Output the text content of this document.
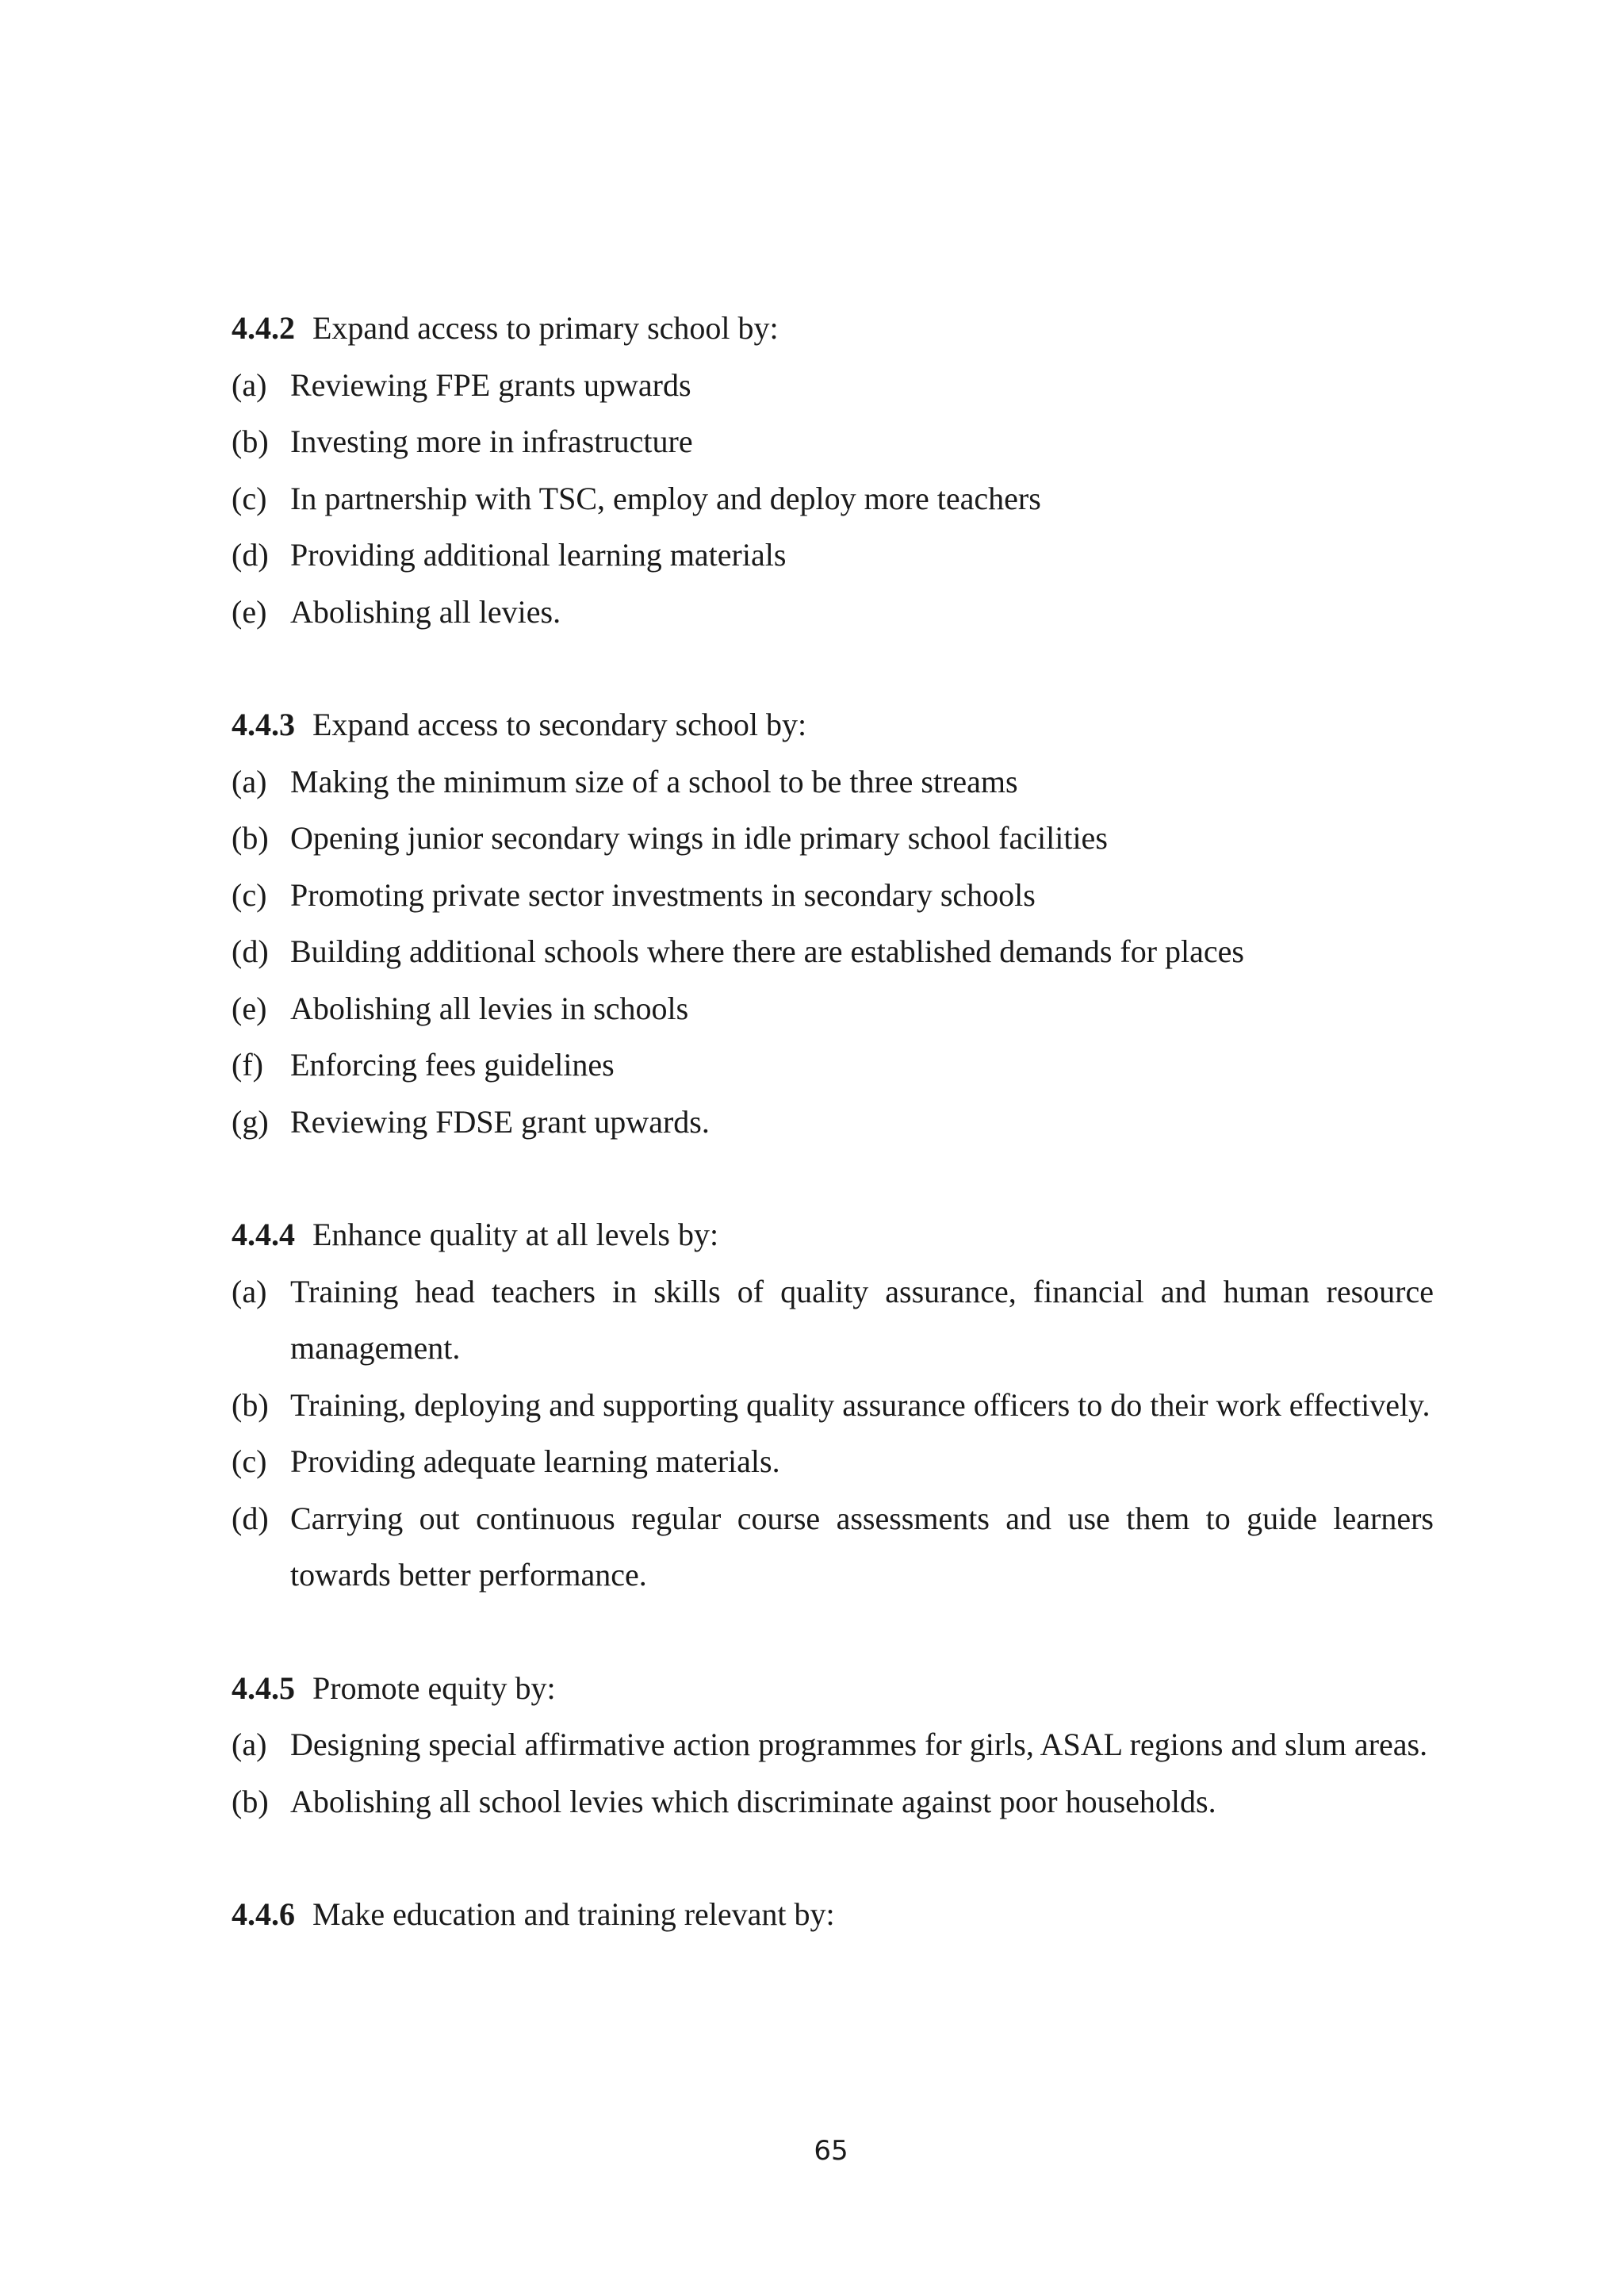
4.4.2 Expand access to primary school by:
(a) Reviewing FPE grants upwards
(b) Investing more in infrastructure
(c) In partnership with TSC, employ and deploy more teachers
(d) Providing additional learning materials
(e) Abolishing all levies.
4.4.3 Expand access to secondary school by:
(a) Making the minimum size of a school to be three streams
(b) Opening junior secondary wings in idle primary school facilities
(c) Promoting private sector investments in secondary schools
(d) Building additional schools where there are established demands for places
(e) Abolishing all levies in schools
(f) Enforcing fees guidelines
(g) Reviewing FDSE grant upwards.
4.4.4 Enhance quality at all levels by:
(a) Training head teachers in skills of quality assurance, financial and human resource management.
(b) Training, deploying and supporting quality assurance officers to do their work effectively.
(c) Providing adequate learning materials.
(d) Carrying out continuous regular course assessments and use them to guide learners towards better performance.
4.4.5 Promote equity by:
(a) Designing special affirmative action programmes for girls, ASAL regions and slum areas.
(b) Abolishing all school levies which discriminate against poor households.
4.4.6 Make education and training relevant by:
65
